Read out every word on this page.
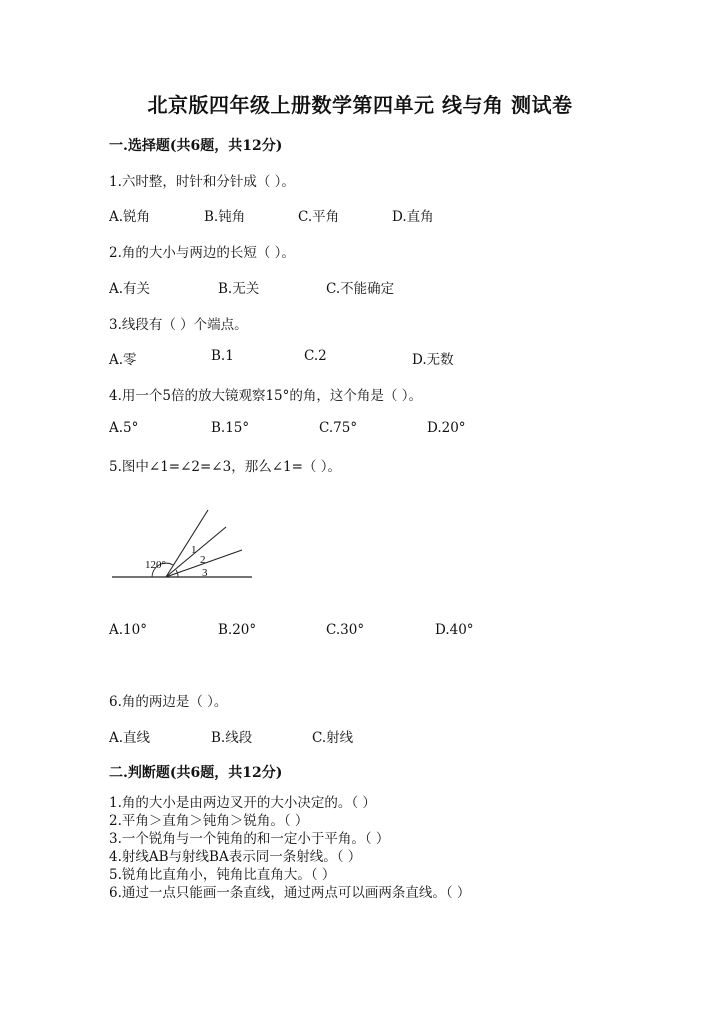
北京版四年级上册数学第四单元 线与角 测试卷
一.选择题(共6题，共12分)
1.六时整，时针和分针成（ ）。
A.锐角	B.钝角	C.平角	D.直角
2.角的大小与两边的长短（ ）。
A.有关	B.无关	C.不能确定
3.线段有（ ）个端点。
A.零	B.1	C.2	D.无数
4.用一个5倍的放大镜观察15°的角，这个角是（ ）。
A.5°	B.15°	C.75°	D.20°
5.图中∠1=∠2=∠3，那么∠1=（ ）。
120°
1
2
3
A.10°	B.20°	C.30°	D.40°
6.角的两边是（ ）。
A.直线	B.线段	C.射线
二.判断题(共6题，共12分)
1.角的大小是由两边叉开的大小决定的。（ ）
2.平角＞直角＞钝角＞锐角。（ ）
3.一个锐角与一个钝角的和一定小于平角。（ ）
4.射线AB与射线BA表示同一条射线。（ ）
5.锐角比直角小，钝角比直角大。（ ）
6.通过一点只能画一条直线，通过两点可以画两条直线。（ ）
